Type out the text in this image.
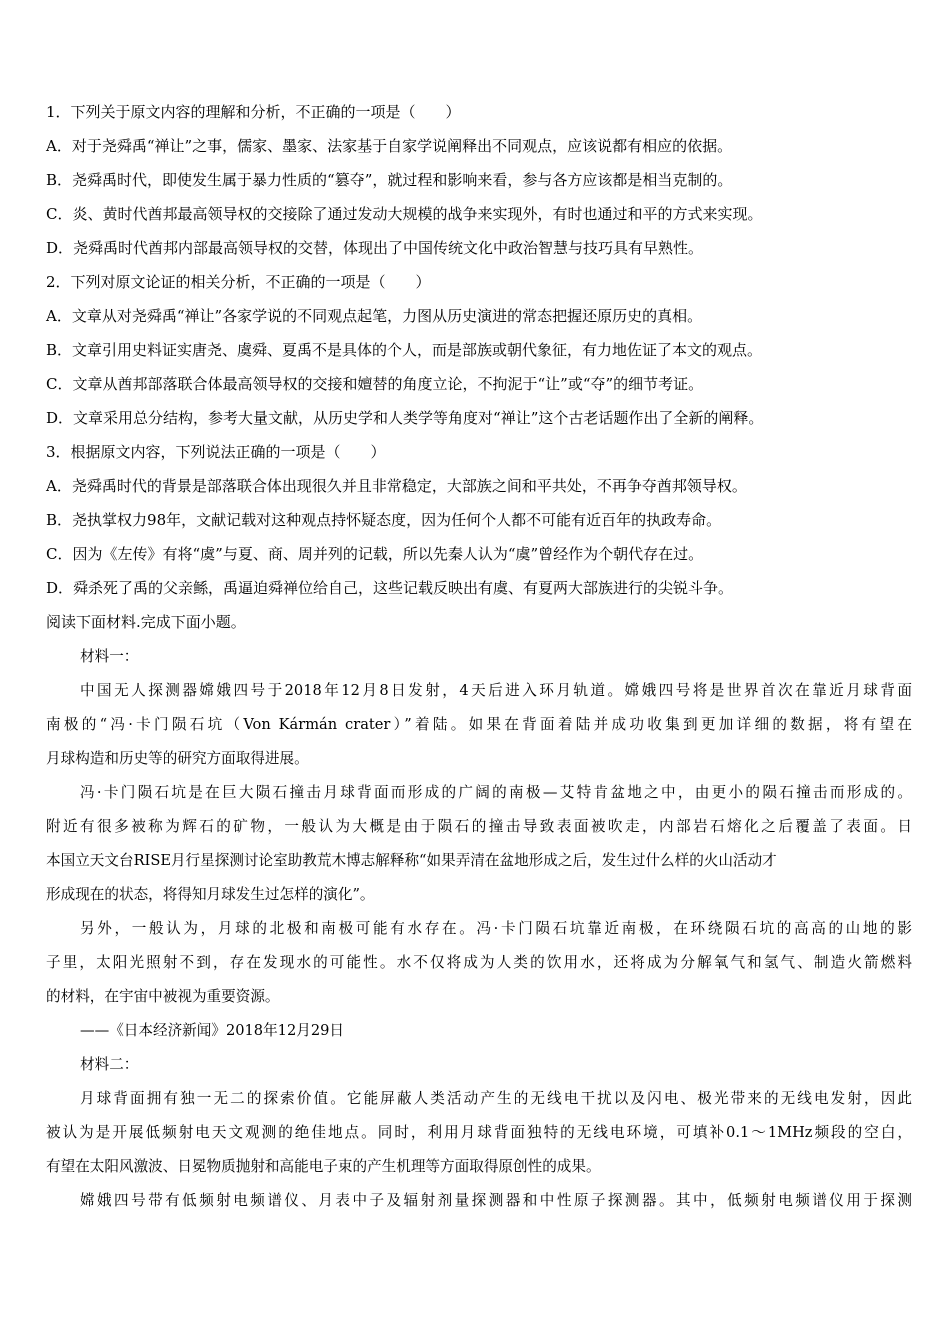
1．下列关于原文内容的理解和分析，不正确的一项是（　　）
A．对于尧舜禹“禅让”之事，儒家、墨家、法家基于自家学说阐释出不同观点，应该说都有相应的依据。
B．尧舜禹时代，即使发生属于暴力性质的“篡夺”，就过程和影响来看，参与各方应该都是相当克制的。
C．炎、黄时代酋邦最高领导权的交接除了通过发动大规模的战争来实现外，有时也通过和平的方式来实现。
D．尧舜禹时代酋邦内部最高领导权的交替，体现出了中国传统文化中政治智慧与技巧具有早熟性。
2．下列对原文论证的相关分析，不正确的一项是（　　）
A．文章从对尧舜禹“禅让”各家学说的不同观点起笔，力图从历史演进的常态把握还原历史的真相。
B．文章引用史料证实唐尧、虞舜、夏禹不是具体的个人，而是部族或朝代象征，有力地佐证了本文的观点。
C．文章从酋邦部落联合体最高领导权的交接和嬗替的角度立论，不拘泥于“让”或“夺”的细节考证。
D．文章采用总分结构，参考大量文献，从历史学和人类学等角度对“禅让”这个古老话题作出了全新的阐释。
3．根据原文内容，下列说法正确的一项是（　　）
A．尧舜禹时代的背景是部落联合体出现很久并且非常稳定，大部族之间和平共处，不再争夺酋邦领导权。
B．尧执掌权力98年，文献记载对这种观点持怀疑态度，因为任何个人都不可能有近百年的执政寿命。
C．因为《左传》有将“虞”与夏、商、周并列的记载，所以先秦人认为“虞”曾经作为个朝代存在过。
D．舜杀死了禹的父亲鲧，禹逼迫舜禅位给自己，这些记载反映出有虞、有夏两大部族进行的尖锐斗争。
阅读下面材料.完成下面小题。
材料一：
中国无人探测器嫦娥四号于2018年12月8日发射，4天后进入环月轨道。嫦娥四号将是世界首次在靠近月球背面
南极的“冯·卡门陨石坑（Von Kármán crater）”着陆。如果在背面着陆并成功收集到更加详细的数据，将有望在
月球构造和历史等的研究方面取得进展。
冯·卡门陨石坑是在巨大陨石撞击月球背面而形成的广阔的南极—艾特肯盆地之中，由更小的陨石撞击而形成的。
附近有很多被称为辉石的矿物，一般认为大概是由于陨石的撞击导致表面被吹走，内部岩石熔化之后覆盖了表面。日
本国立天文台RISE月行星探测讨论室助教荒木博志解释称“如果弄清在盆地形成之后，发生过什么样的火山活动才
形成现在的状态，将得知月球发生过怎样的演化”。
另外，一般认为，月球的北极和南极可能有水存在。冯·卡门陨石坑靠近南极，在环绕陨石坑的高高的山地的影
子里，太阳光照射不到，存在发现水的可能性。水不仅将成为人类的饮用水，还将成为分解氧气和氢气、制造火箭燃料
的材料，在宇宙中被视为重要资源。
——《日本经济新闻》2018年12月29日
材料二：
月球背面拥有独一无二的探索价值。它能屏蔽人类活动产生的无线电干扰以及闪电、极光带来的无线电发射，因此
被认为是开展低频射电天文观测的绝佳地点。同时，利用月球背面独特的无线电环境，可填补0.1～1MHz频段的空白，
有望在太阳风激波、日冕物质抛射和高能电子束的产生机理等方面取得原创性的成果。
嫦娥四号带有低频射电频谱仪、月表中子及辐射剂量探测器和中性原子探测器。其中，低频射电频谱仪用于探测
